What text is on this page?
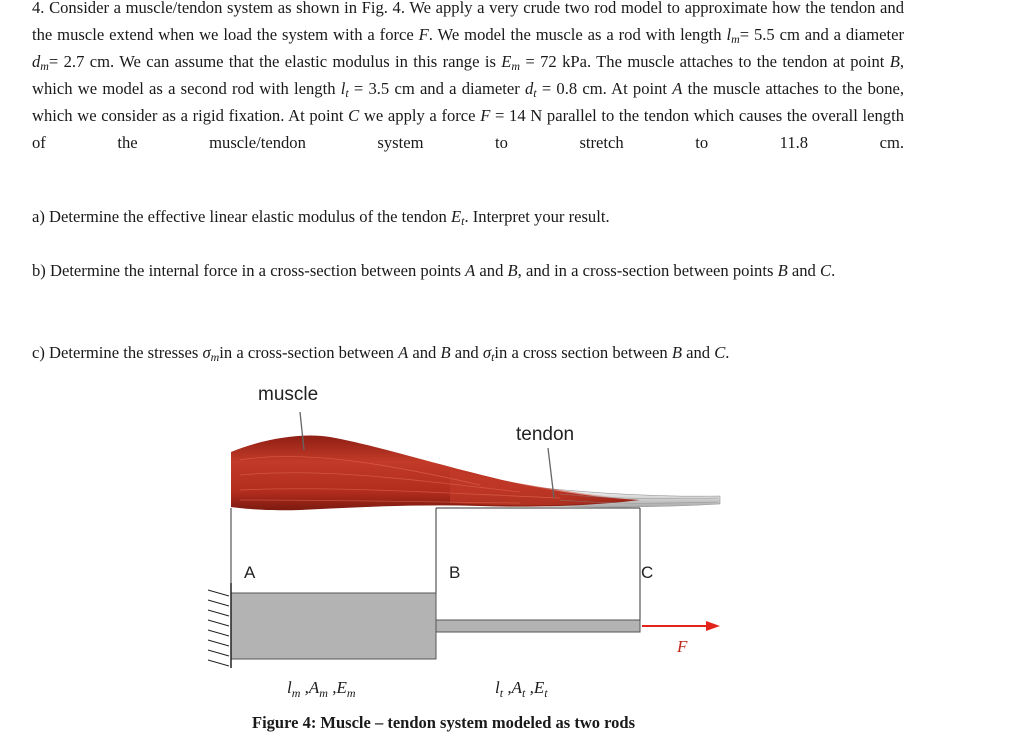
4. Consider a muscle/tendon system as shown in Fig. 4. We apply a very crude two rod model to approximate how the tendon and the muscle extend when we load the system with a force F. We model the muscle as a rod with length $l_m= 5.5$ cm and a diameter $d_m= 2.7$ cm. We can assume that the elastic modulus in this range is $E_m = 72$ kPa. The muscle attaches to the tendon at point B, which we model as a second rod with length $l_t = 3.5$ cm and a diameter $d_t = 0.8$ cm. At point A the muscle attaches to the bone, which we consider as a rigid fixation. At point C we apply a force F = 14 N parallel to the tendon which causes the overall length of the muscle/tendon system to stretch to 11.8 cm.

a) Determine the effective linear elastic modulus of the tendon $E_t$. Interpret your result.

b) Determine the internal force in a cross-section between points A and B, and in a cross-section between points B and C.

c) Determine the stresses $\sigma_min$ a cross-section between A and B and $\sigma_tin$ a cross section between B and C.

muscle
tendon
A	B	C
F
$l_m$ $,A_m$ $,E_m$	$l_t$ $,A_t$ $,E_t$
Figure 4: Muscle – tendon system modeled as two rods
